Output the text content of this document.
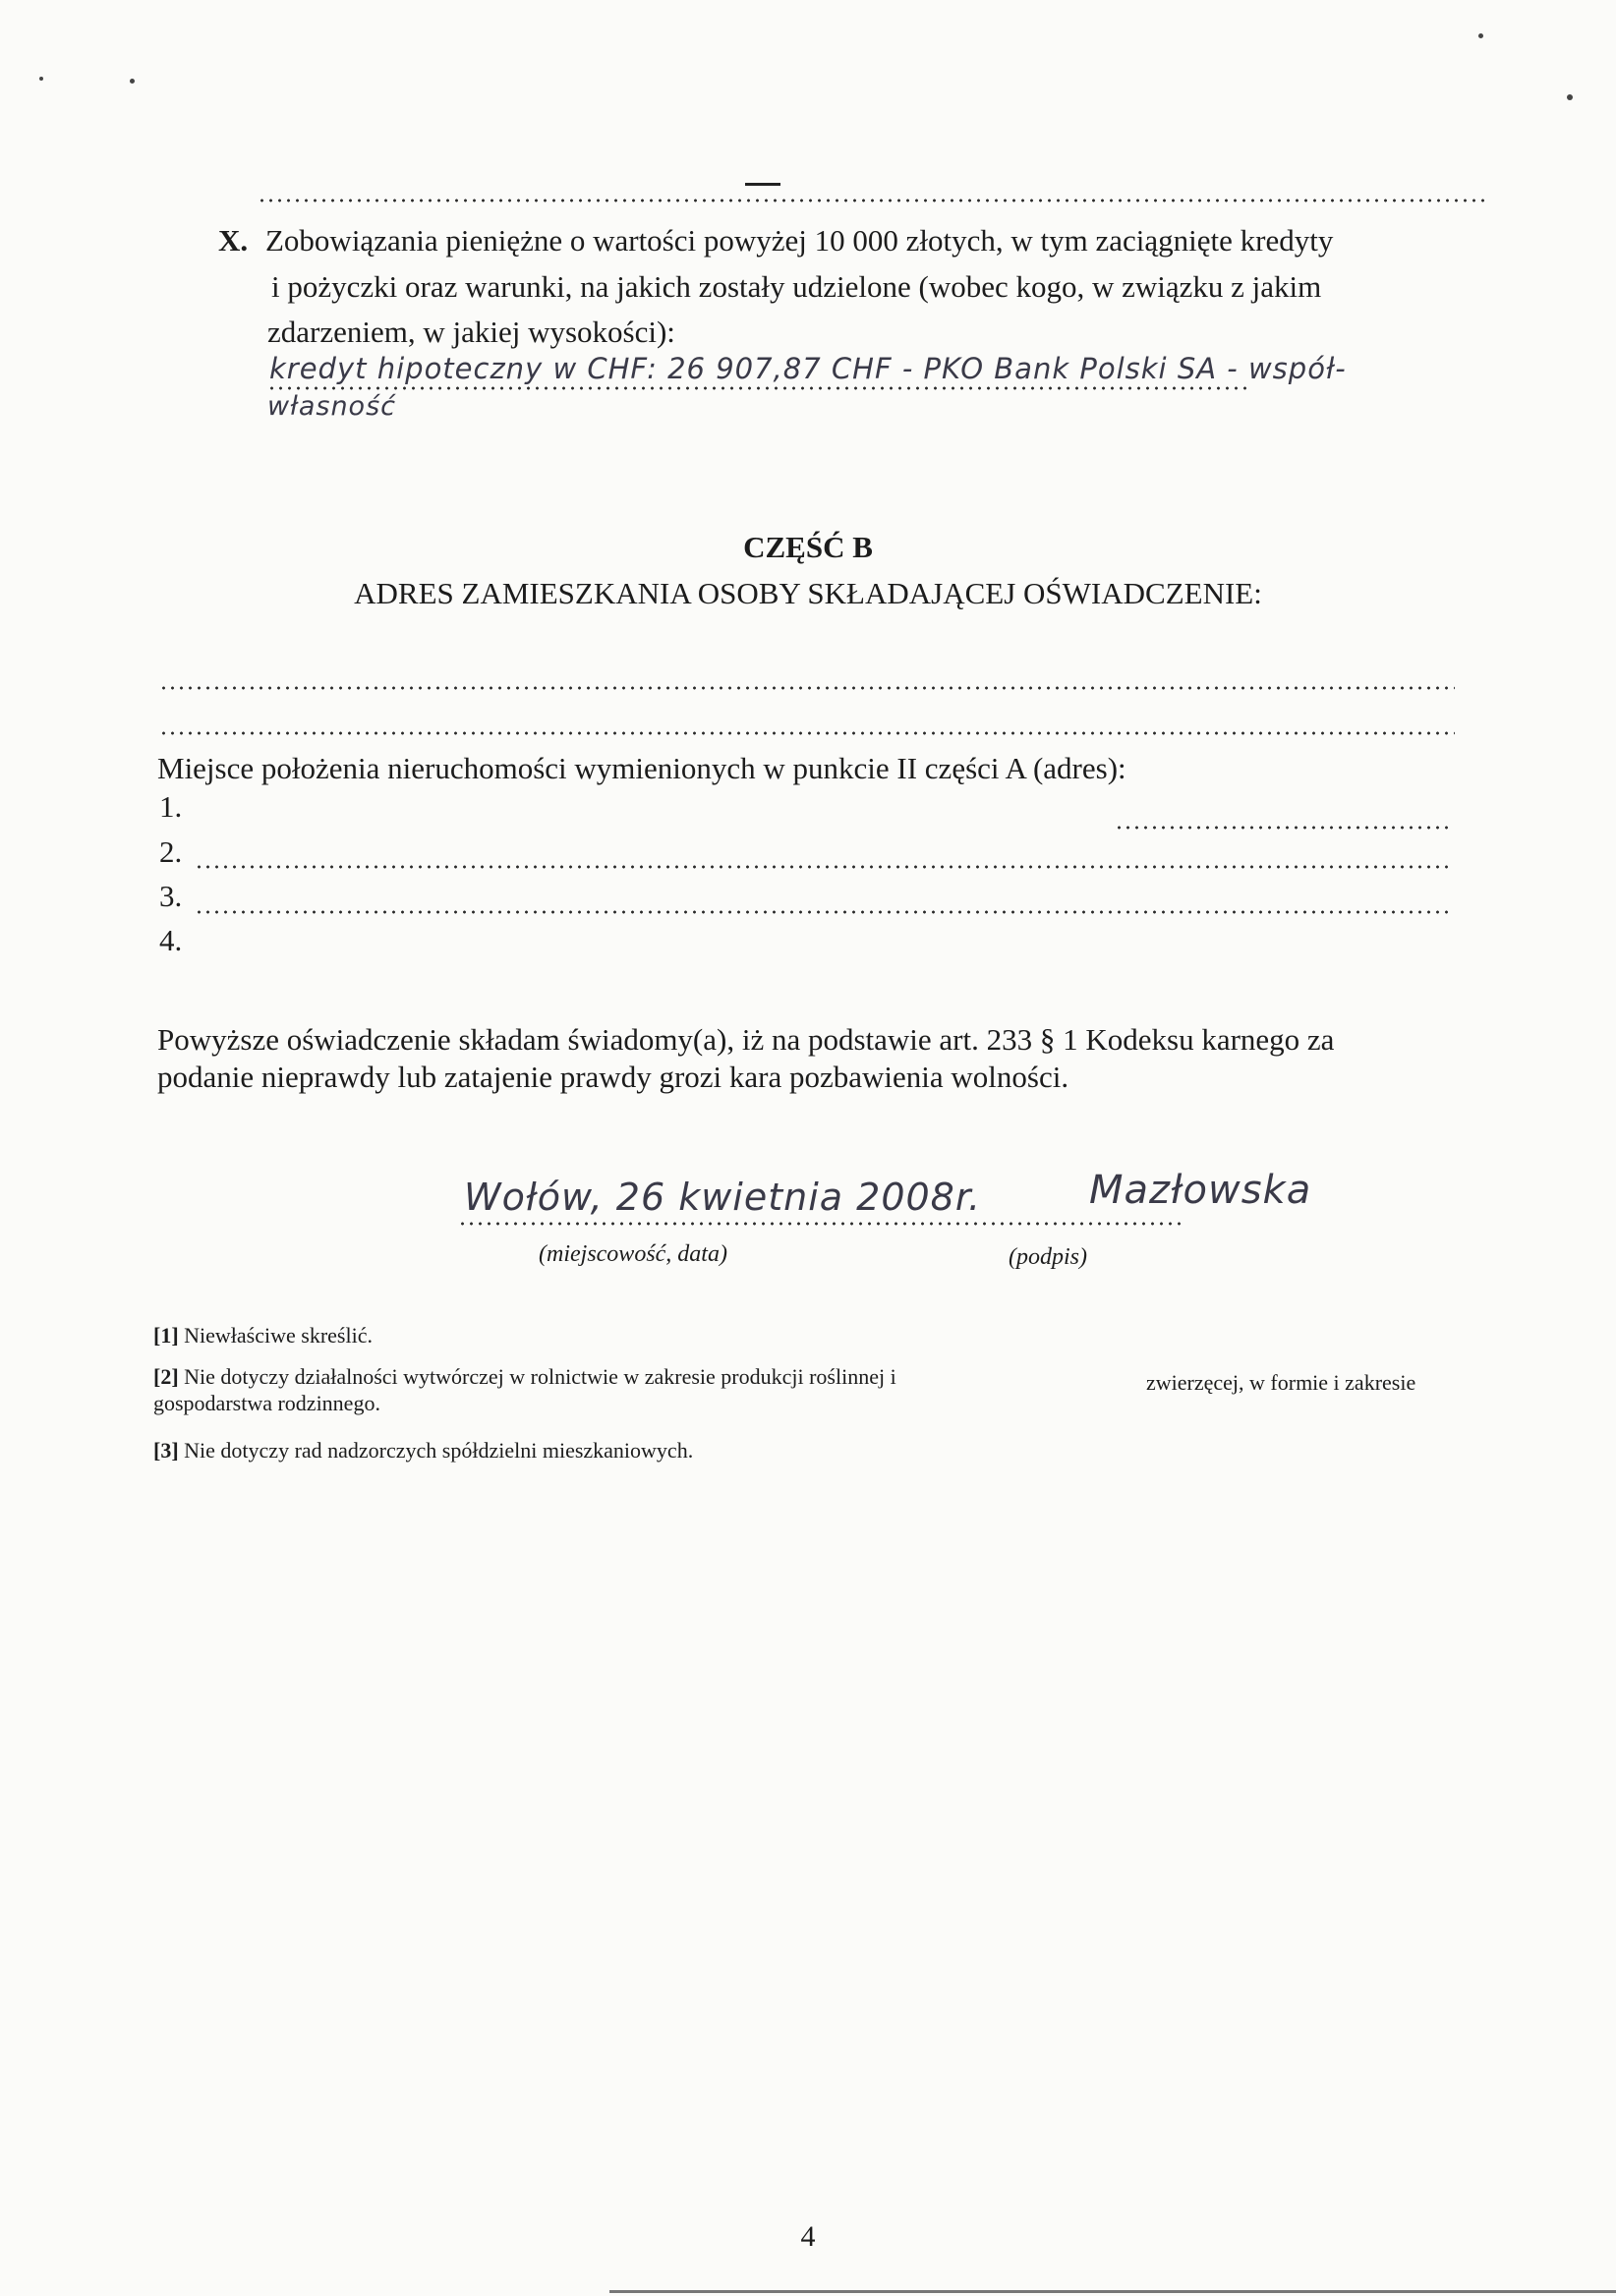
X. Zobowiązania pieniężne o wartości powyżej 10 000 złotych, w tym zaciągnięte kredyty
i pożyczki oraz warunki, na jakich zostały udzielone (wobec kogo, w związku z jakim
zdarzeniem, w jakiej wysokości):
kredyt hipoteczny w CHF: 26 907,87 CHF - PKO Bank Polski SA - współ-
własność
CZĘŚĆ B
ADRES ZAMIESZKANIA OSOBY SKŁADAJĄCEJ OŚWIADCZENIE:
Miejsce położenia nieruchomości wymienionych w punkcie II części A (adres):
1.
2.
3.
4.
Powyższe oświadczenie składam świadomy(a), iż na podstawie art. 233 § 1 Kodeksu karnego za
podanie nieprawdy lub zatajenie prawdy grozi kara pozbawienia wolności.
Wołów, 26 kwietnia 2008r.	Mazłowska
(miejscowość, data)	(podpis)
[1] Niewłaściwe skreślić.
[2] Nie dotyczy działalności wytwórczej w rolnictwie w zakresie produkcji roślinnej i	zwierzęcej, w formie i zakresie
gospodarstwa rodzinnego.
[3] Nie dotyczy rad nadzorczych spółdzielni mieszkaniowych.
4
